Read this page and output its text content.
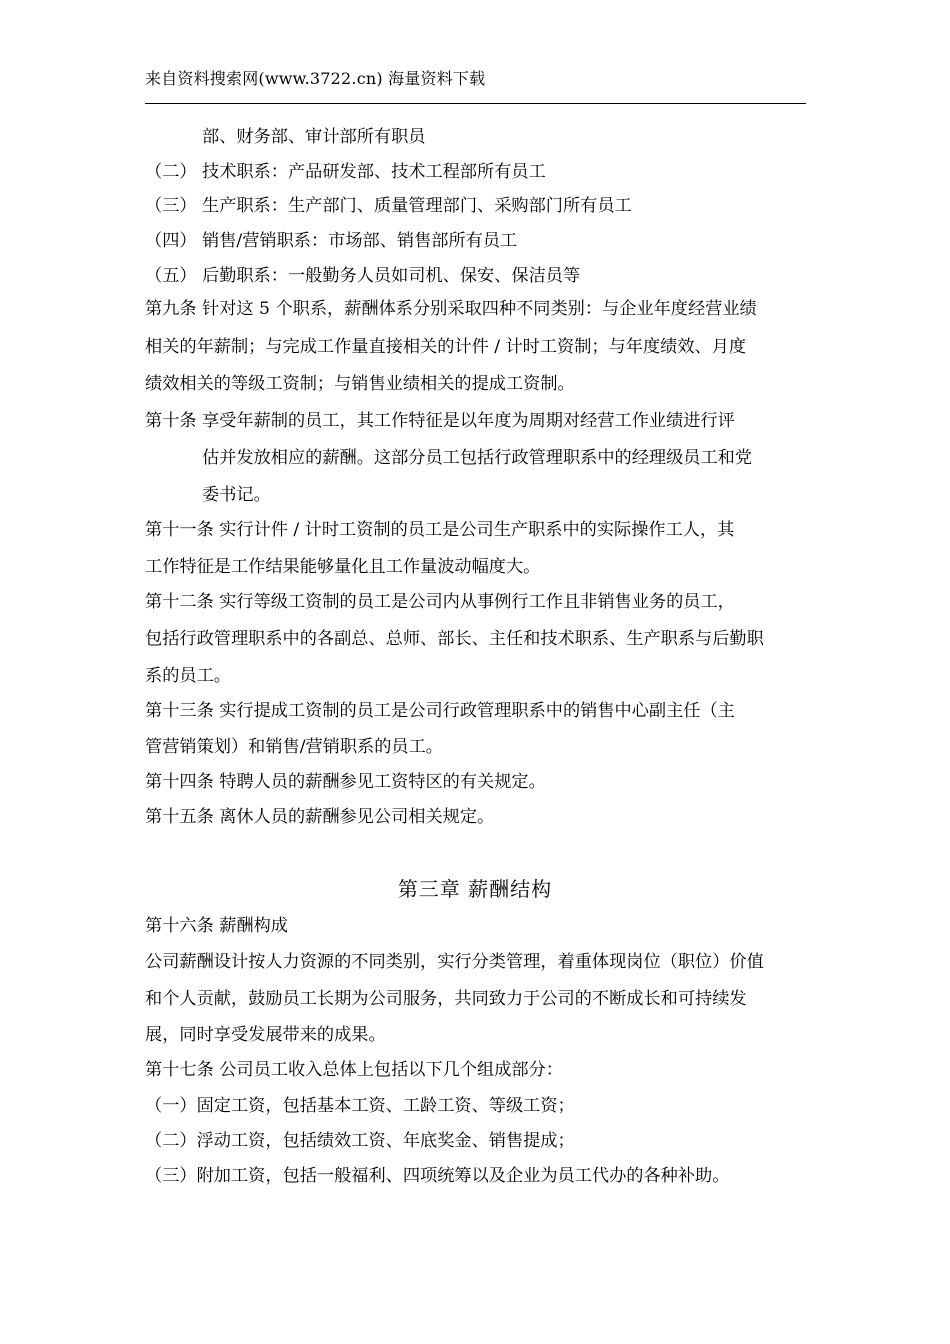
来自资料搜索网(www.3722.cn) 海量资料下载
部、财务部、审计部所有职员
（二） 技术职系：产品研发部、技术工程部所有员工
（三） 生产职系：生产部门、质量管理部门、采购部门所有员工
（四） 销售/营销职系：市场部、销售部所有员工
（五） 后勤职系：一般勤务人员如司机、保安、保洁员等
第九条 针对这 5 个职系，薪酬体系分别采取四种不同类别：与企业年度经营业绩
相关的年薪制；与完成工作量直接相关的计件 / 计时工资制；与年度绩效、月度
绩效相关的等级工资制；与销售业绩相关的提成工资制。
第十条 享受年薪制的员工，其工作特征是以年度为周期对经营工作业绩进行评
估并发放相应的薪酬。这部分员工包括行政管理职系中的经理级员工和党
委书记。
第十一条 实行计件 / 计时工资制的员工是公司生产职系中的实际操作工人，其
工作特征是工作结果能够量化且工作量波动幅度大。
第十二条 实行等级工资制的员工是公司内从事例行工作且非销售业务的员工，
包括行政管理职系中的各副总、总师、部长、主任和技术职系、生产职系与后勤职
系的员工。
第十三条 实行提成工资制的员工是公司行政管理职系中的销售中心副主任（主
管营销策划）和销售/营销职系的员工。
第十四条 特聘人员的薪酬参见工资特区的有关规定。
第十五条 离休人员的薪酬参见公司相关规定。
第三章 薪酬结构
第十六条 薪酬构成
公司薪酬设计按人力资源的不同类别，实行分类管理，着重体现岗位（职位）价值
和个人贡献，鼓励员工长期为公司服务，共同致力于公司的不断成长和可持续发
展，同时享受发展带来的成果。
第十七条 公司员工收入总体上包括以下几个组成部分：
（一）固定工资，包括基本工资、工龄工资、等级工资；
（二）浮动工资，包括绩效工资、年底奖金、销售提成；
（三）附加工资，包括一般福利、四项统筹以及企业为员工代办的各种补助。
